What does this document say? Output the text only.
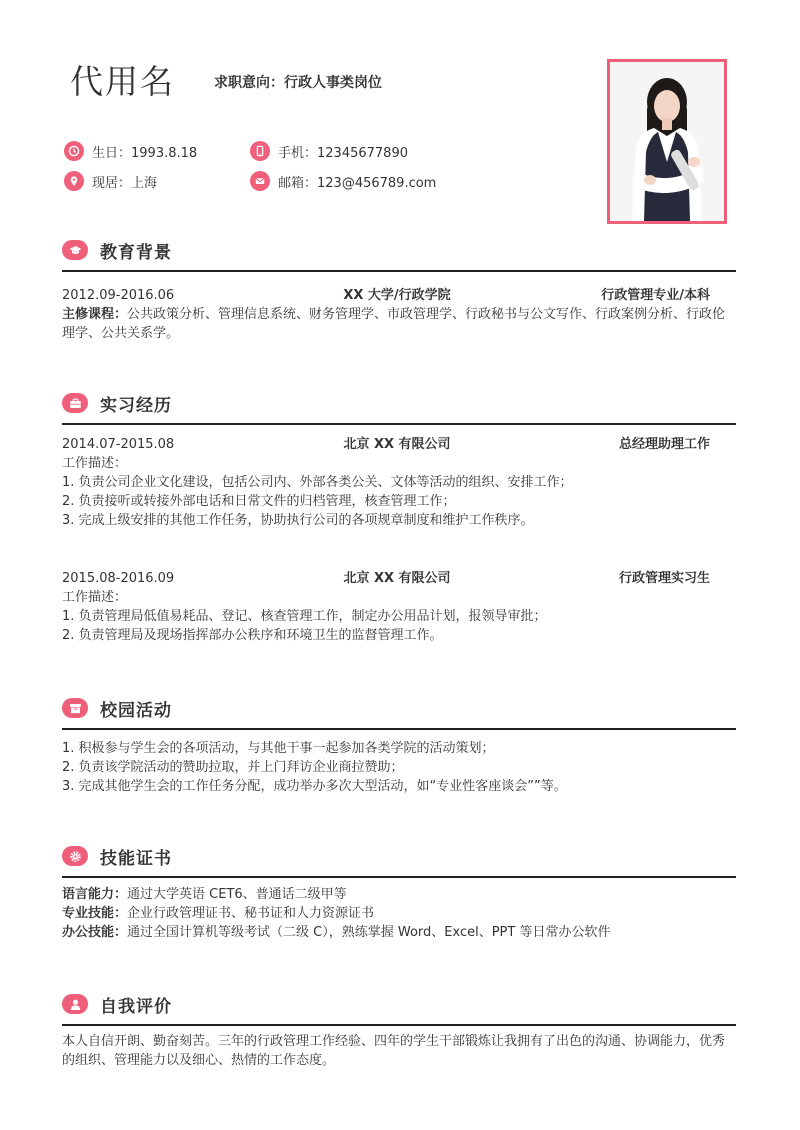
代用名	求职意向：行政人事类岗位
生日：1993.8.18	手机：12345677890
现居：上海	邮箱：123@456789.com
教育背景
2012.09-2016.06	XX 大学/行政学院	行政管理专业/本科
主修课程：公共政策分析、管理信息系统、财务管理学、市政管理学、行政秘书与公文写作、行政案例分析、行政伦理学、公共关系学。
实习经历
2014.07-2015.08	北京 XX 有限公司	总经理助理工作
工作描述：
1. 负责公司企业文化建设，包括公司内、外部各类公关、文体等活动的组织、安排工作；
2. 负责接听或转接外部电话和日常文件的归档管理，核查管理工作；
3. 完成上级安排的其他工作任务，协助执行公司的各项规章制度和维护工作秩序。
2015.08-2016.09	北京 XX 有限公司	行政管理实习生
工作描述：
1. 负责管理局低值易耗品、登记、核查管理工作，制定办公用品计划，报领导审批；
2. 负责管理局及现场指挥部办公秩序和环境卫生的监督管理工作。
校园活动
1. 积极参与学生会的各项活动，与其他干事一起参加各类学院的活动策划；
2. 负责该学院活动的赞助拉取，并上门拜访企业商拉赞助；
3. 完成其他学生会的工作任务分配，成功举办多次大型活动，如“专业性客座谈会””等。
技能证书
语言能力：通过大学英语 CET6、普通话二级甲等
专业技能：企业行政管理证书、秘书证和人力资源证书
办公技能：通过全国计算机等级考试（二级 C），熟练掌握 Word、Excel、PPT 等日常办公软件
自我评价
本人自信开朗、勤奋刻苦。三年的行政管理工作经验、四年的学生干部锻炼让我拥有了出色的沟通、协调能力，优秀的组织、管理能力以及细心、热情的工作态度。
